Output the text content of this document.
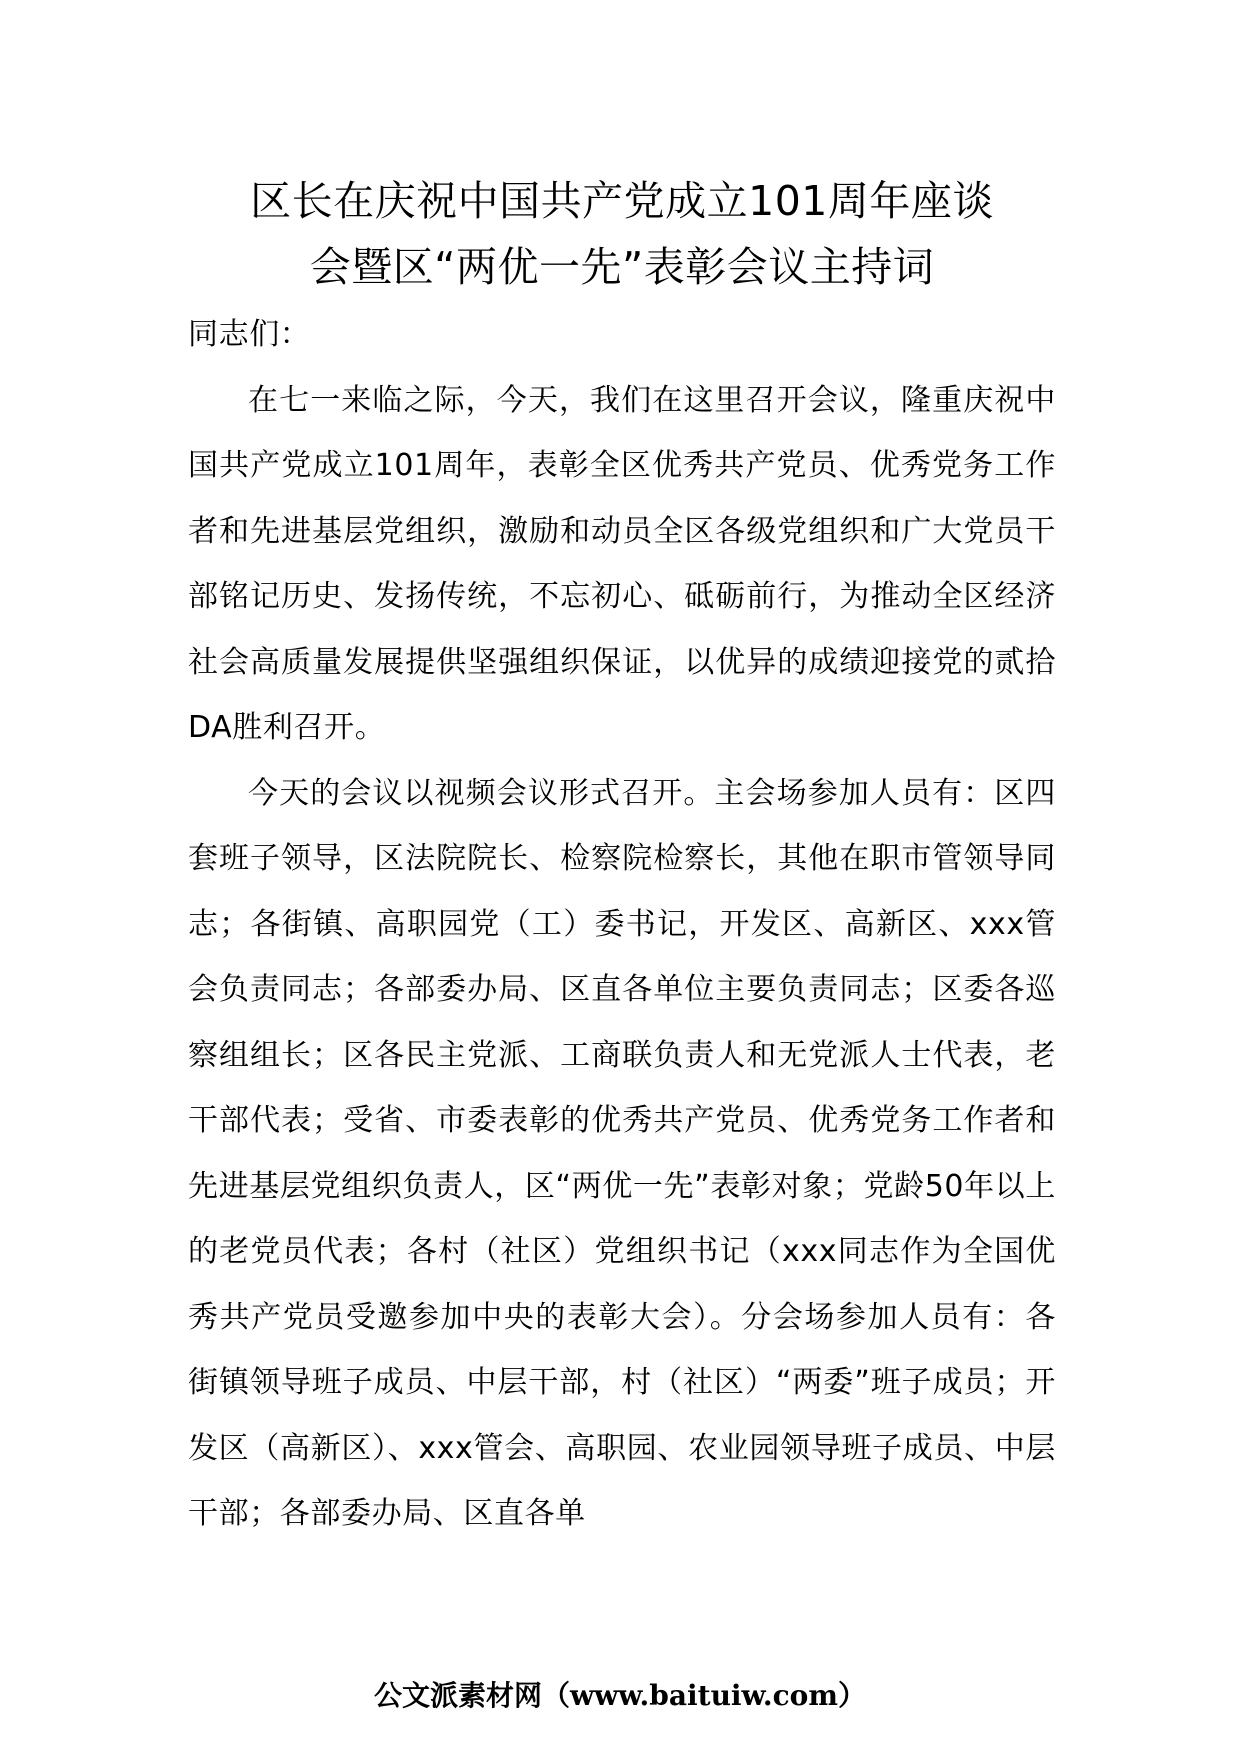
区长在庆祝中国共产党成立101周年座谈
会暨区“两优一先”表彰会议主持词

同志们：

在七一来临之际，今天，我们在这里召开会议，隆重庆祝中国共产党成立101周年，表彰全区优秀共产党员、优秀党务工作者和先进基层党组织，激励和动员全区各级党组织和广大党员干部铭记历史、发扬传统，不忘初心、砥砺前行，为推动全区经济社会高质量发展提供坚强组织保证，以优异的成绩迎接党的贰拾DA胜利召开。

今天的会议以视频会议形式召开。主会场参加人员有：区四套班子领导，区法院院长、检察院检察长，其他在职市管领导同志；各街镇、高职园党（工）委书记，开发区、高新区、xxx管会负责同志；各部委办局、区直各单位主要负责同志；区委各巡察组组长；区各民主党派、工商联负责人和无党派人士代表，老干部代表；受省、市委表彰的优秀共产党员、优秀党务工作者和先进基层党组织负责人，区“两优一先”表彰对象；党龄50年以上的老党员代表；各村（社区）党组织书记（xxx同志作为全国优秀共产党员受邀参加中央的表彰大会）。分会场参加人员有：各街镇领导班子成员、中层干部，村（社区）“两委”班子成员；开发区（高新区）、xxx管会、高职园、农业园领导班子成员、中层干部；各部委办局、区直各单

公文派素材网（www.baituiw.com）
